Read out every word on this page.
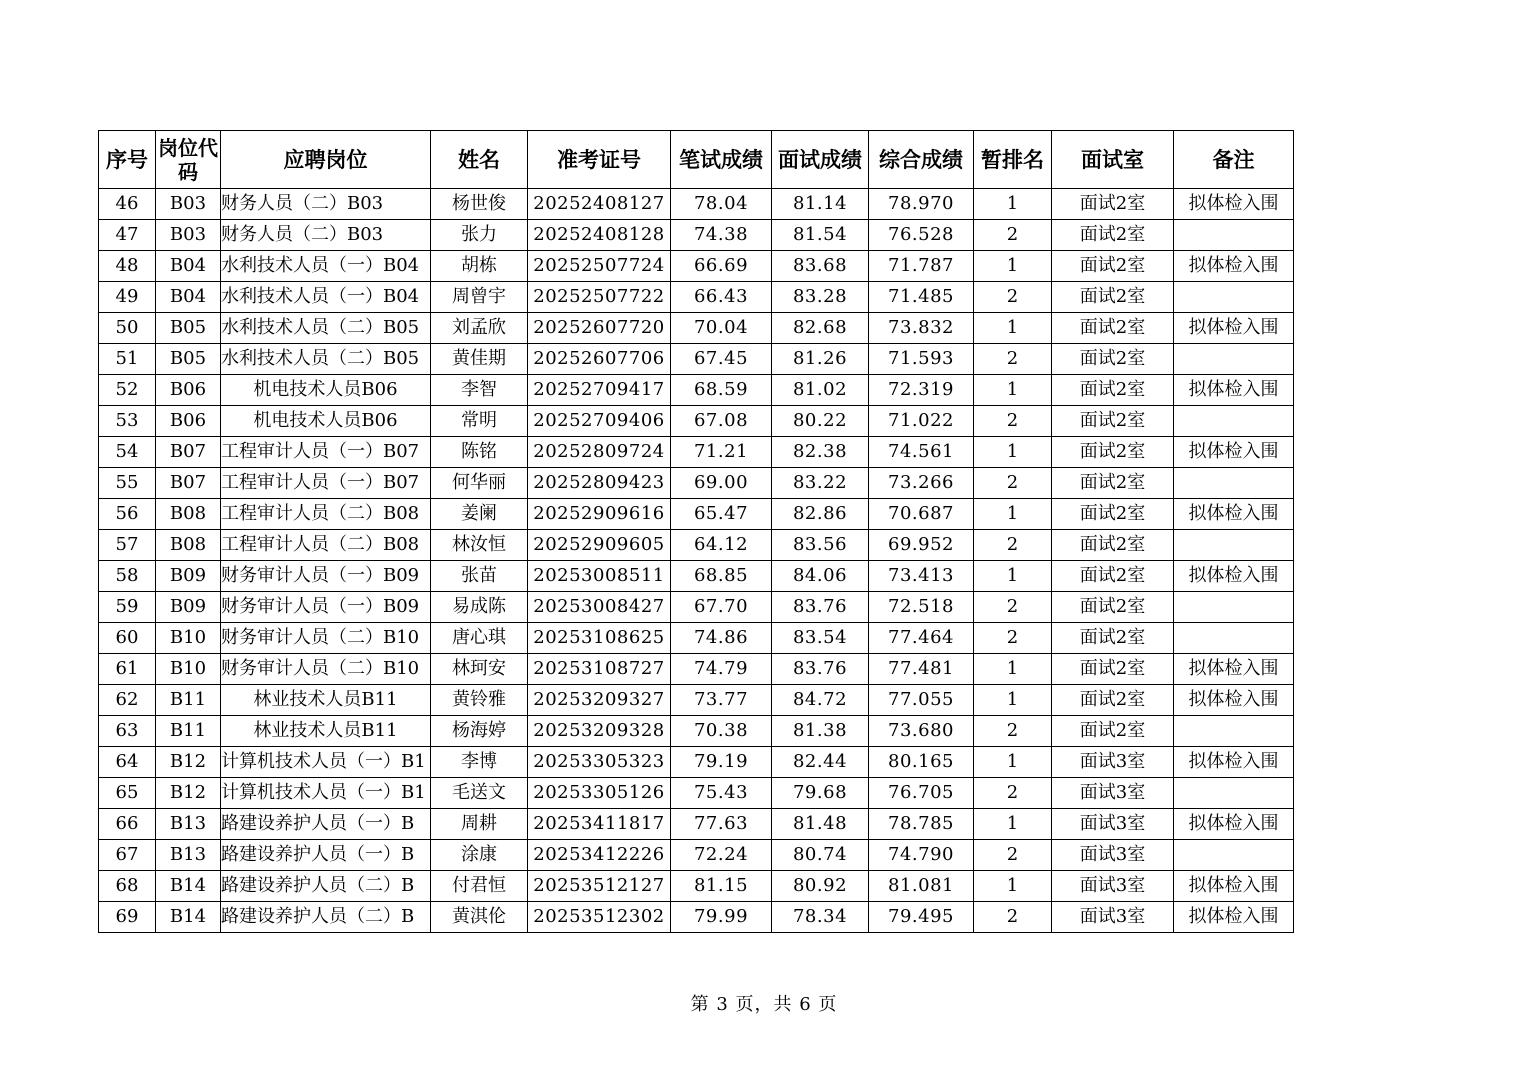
序号	岗位代码	应聘岗位	姓名	准考证号	笔试成绩	面试成绩	综合成绩	暂排名	面试室	备注
46	B03	财务人员（二）B03	杨世俊	20252408127	78.04	81.14	78.970	1	面试2室	拟体检入围
47	B03	财务人员（二）B03	张力	20252408128	74.38	81.54	76.528	2	面试2室	
48	B04	水利技术人员（一）B04	胡栋	20252507724	66.69	83.68	71.787	1	面试2室	拟体检入围
49	B04	水利技术人员（一）B04	周曾宇	20252507722	66.43	83.28	71.485	2	面试2室	
50	B05	水利技术人员（二）B05	刘孟欣	20252607720	70.04	82.68	73.832	1	面试2室	拟体检入围
51	B05	水利技术人员（二）B05	黄佳期	20252607706	67.45	81.26	71.593	2	面试2室	
52	B06	机电技术人员B06	李智	20252709417	68.59	81.02	72.319	1	面试2室	拟体检入围
53	B06	机电技术人员B06	常明	20252709406	67.08	80.22	71.022	2	面试2室	
54	B07	工程审计人员（一）B07	陈铭	20252809724	71.21	82.38	74.561	1	面试2室	拟体检入围
55	B07	工程审计人员（一）B07	何华丽	20252809423	69.00	83.22	73.266	2	面试2室	
56	B08	工程审计人员（二）B08	姜阑	20252909616	65.47	82.86	70.687	1	面试2室	拟体检入围
57	B08	工程审计人员（二）B08	林汝恒	20252909605	64.12	83.56	69.952	2	面试2室	
58	B09	财务审计人员（一）B09	张苗	20253008511	68.85	84.06	73.413	1	面试2室	拟体检入围
59	B09	财务审计人员（一）B09	易成陈	20253008427	67.70	83.76	72.518	2	面试2室	
60	B10	财务审计人员（二）B10	唐心琪	20253108625	74.86	83.54	77.464	2	面试2室	
61	B10	财务审计人员（二）B10	林珂安	20253108727	74.79	83.76	77.481	1	面试2室	拟体检入围
62	B11	林业技术人员B11	黄铃雅	20253209327	73.77	84.72	77.055	1	面试2室	拟体检入围
63	B11	林业技术人员B11	杨海婷	20253209328	70.38	81.38	73.680	2	面试2室	
64	B12	计算机技术人员（一）B1	李博	20253305323	79.19	82.44	80.165	1	面试3室	拟体检入围
65	B12	计算机技术人员（一）B1	毛送文	20253305126	75.43	79.68	76.705	2	面试3室	
66	B13	路建设养护人员（一）B	周耕	20253411817	77.63	81.48	78.785	1	面试3室	拟体检入围
67	B13	路建设养护人员（一）B	涂康	20253412226	72.24	80.74	74.790	2	面试3室	
68	B14	路建设养护人员（二）B	付君恒	20253512127	81.15	80.92	81.081	1	面试3室	拟体检入围
69	B14	路建设养护人员（二）B	黄淇伦	20253512302	79.99	78.34	79.495	2	面试3室	拟体检入围
第 3 页，共 6 页
